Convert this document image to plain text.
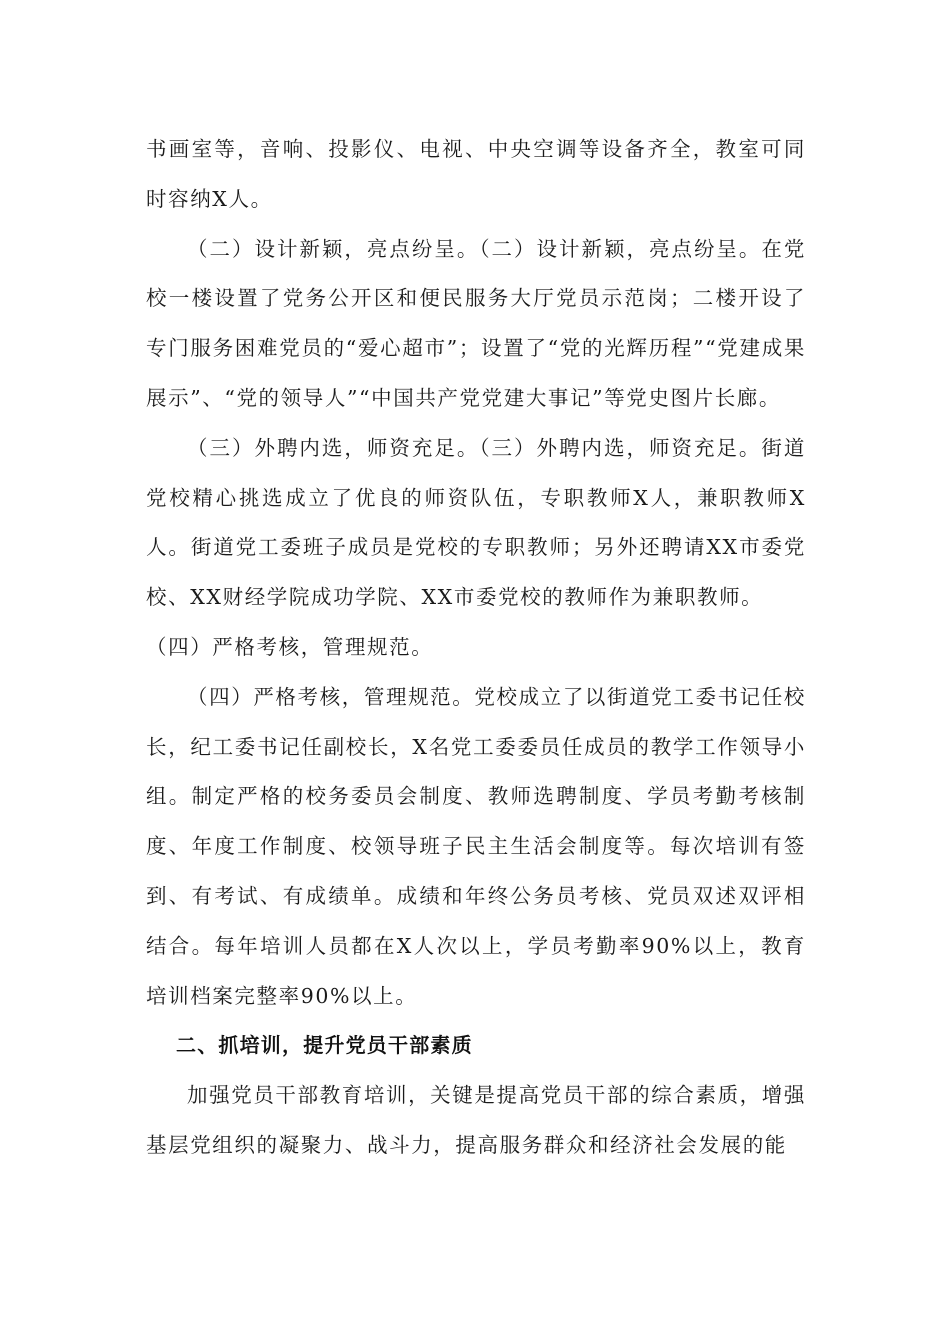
书画室等，音响、投影仪、电视、中央空调等设备齐全，教室可同时容纳X人。

（二）设计新颖，亮点纷呈。（二）设计新颖，亮点纷呈。在党校一楼设置了党务公开区和便民服务大厅党员示范岗；二楼开设了专门服务困难党员的“爱心超市”；设置了“党的光辉历程”“党建成果展示”、“党的领导人”“中国共产党党建大事记”等党史图片长廊。

（三）外聘内选，师资充足。（三）外聘内选，师资充足。街道党校精心挑选成立了优良的师资队伍，专职教师X人，兼职教师X人。街道党工委班子成员是党校的专职教师；另外还聘请XX市委党校、XX财经学院成功学院、XX市委党校的教师作为兼职教师。

（四）严格考核，管理规范。

（四）严格考核，管理规范。党校成立了以街道党工委书记任校长，纪工委书记任副校长，X名党工委委员任成员的教学工作领导小组。制定严格的校务委员会制度、教师选聘制度、学员考勤考核制度、年度工作制度、校领导班子民主生活会制度等。每次培训有签到、有考试、有成绩单。成绩和年终公务员考核、党员双述双评相结合。每年培训人员都在X人次以上，学员考勤率90%以上，教育培训档案完整率90%以上。

二、抓培训，提升党员干部素质

加强党员干部教育培训，关键是提高党员干部的综合素质，增强基层党组织的凝聚力、战斗力，提高服务群众和经济社会发展的能
